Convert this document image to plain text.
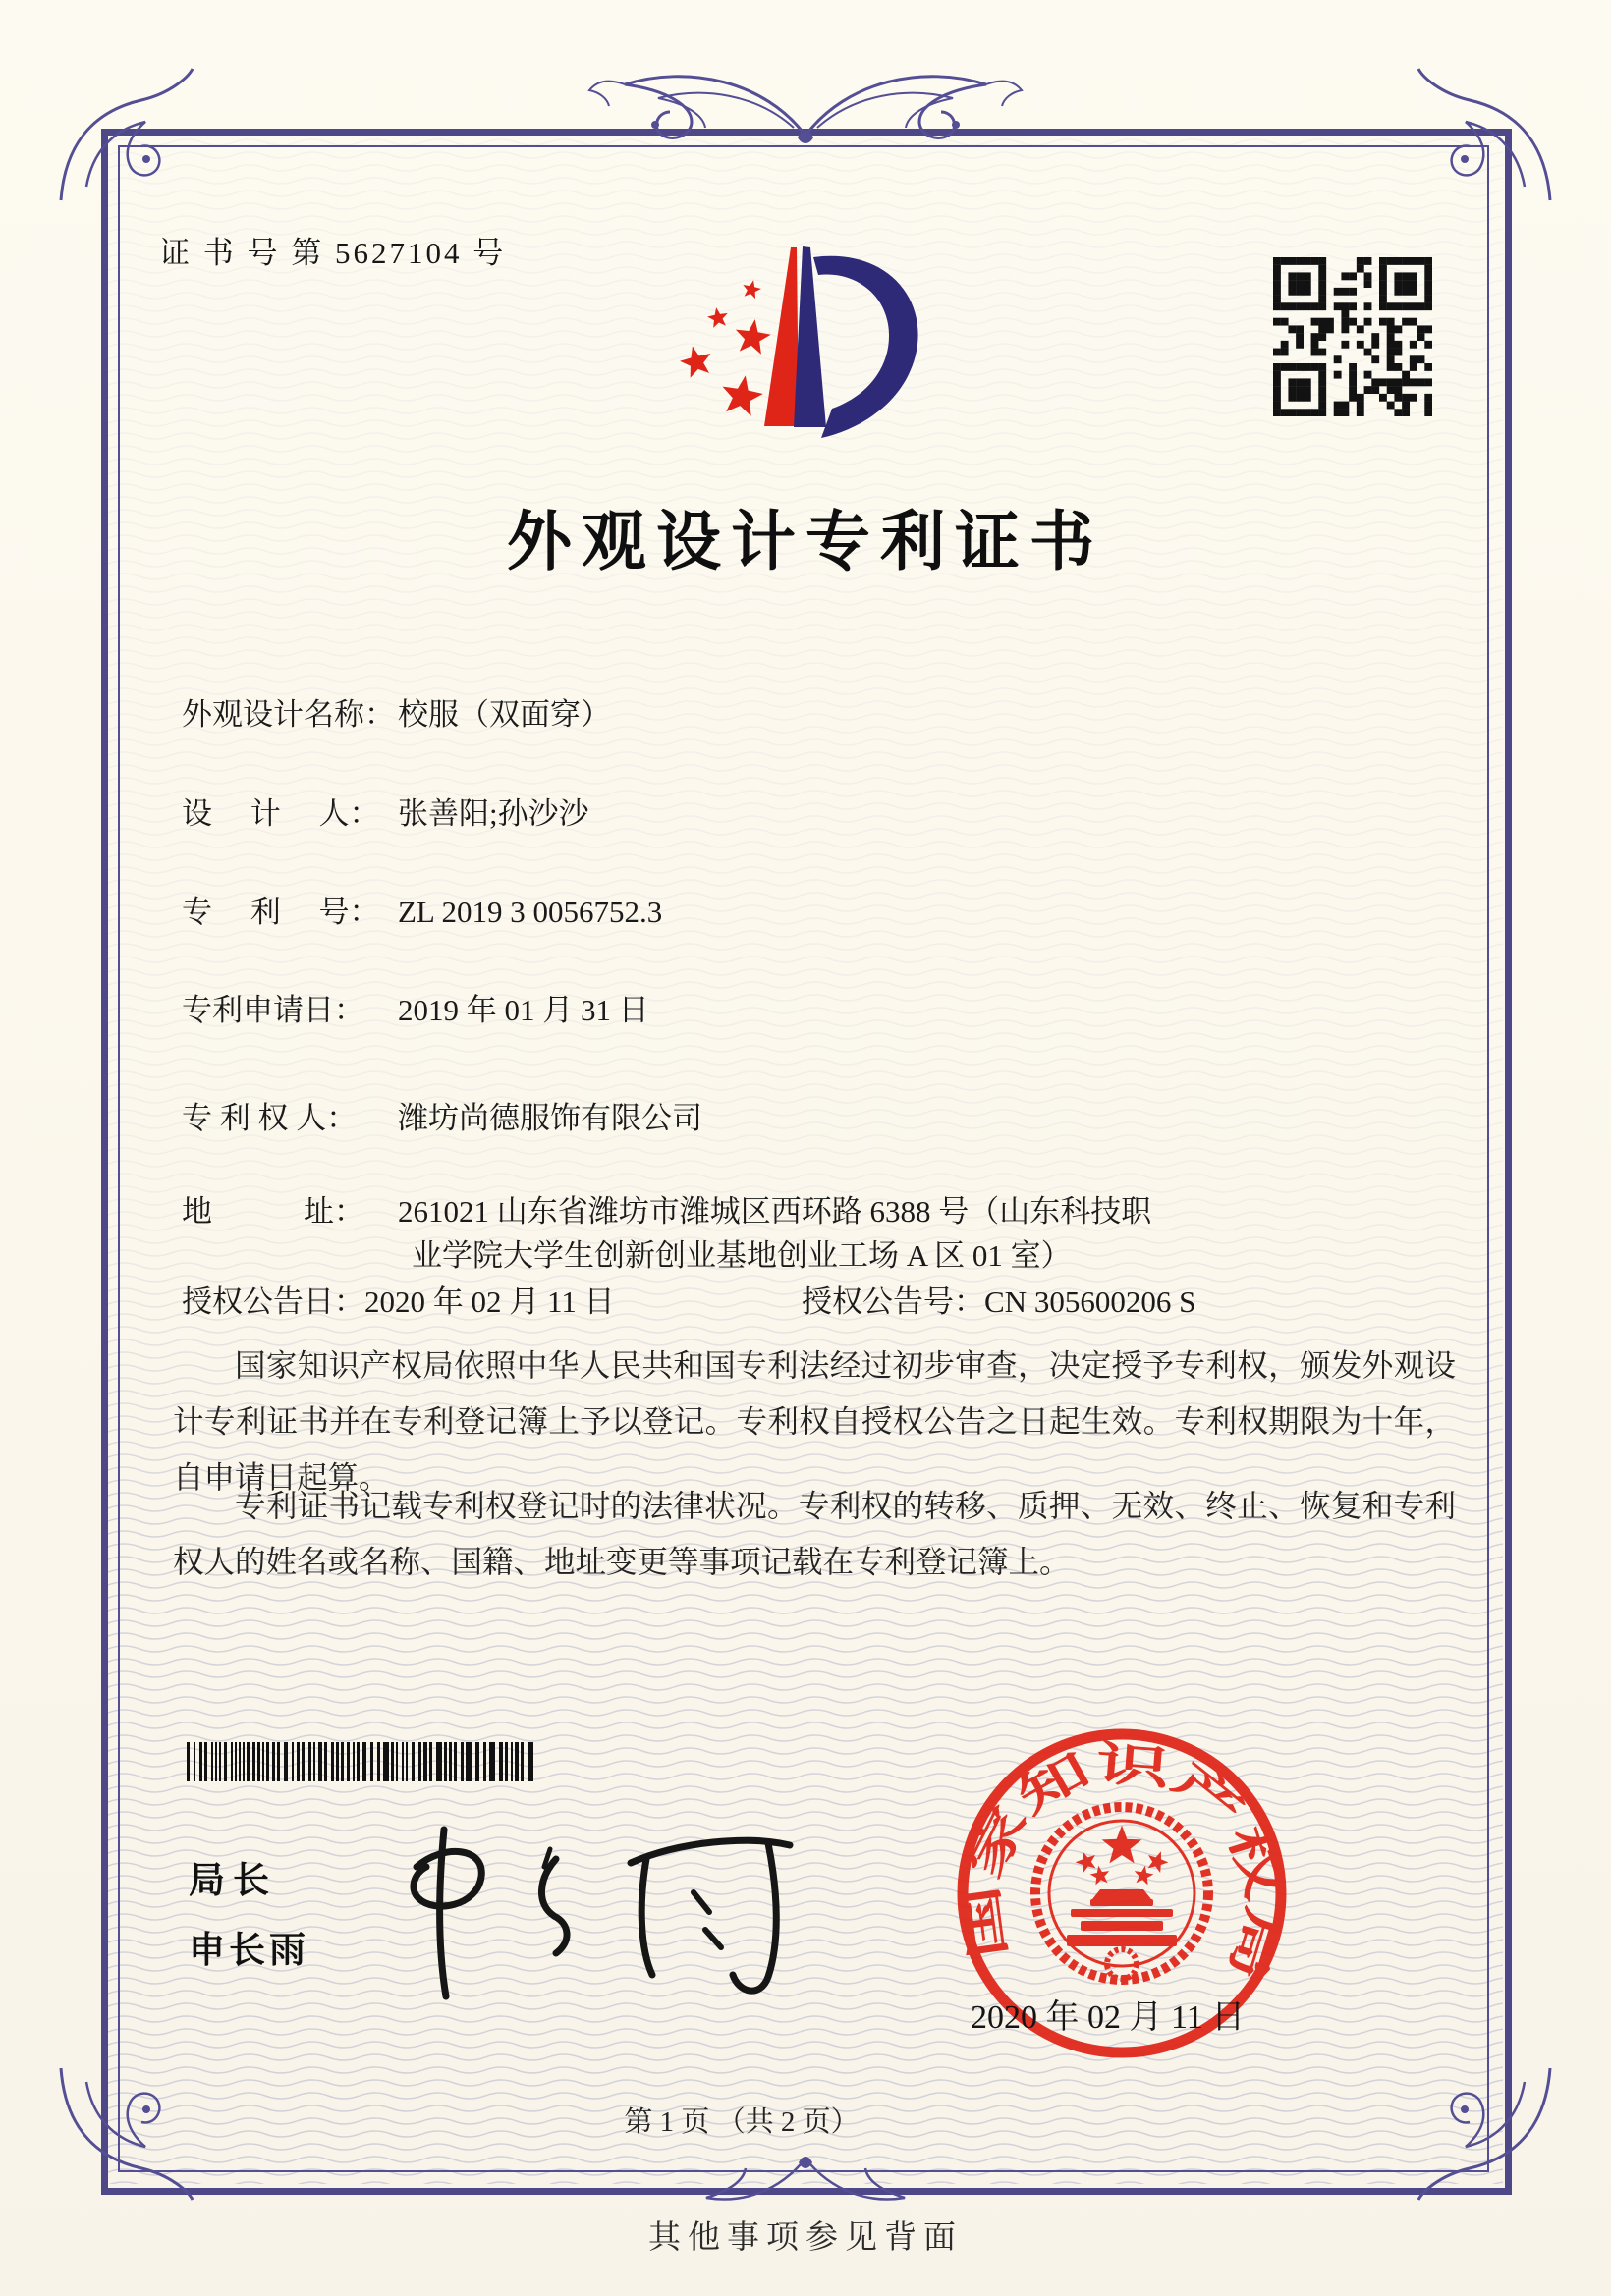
证 书 号 第 5627104 号
外观设计专利证书
外观设计名称：校服（双面穿）
设　 计　 人： 张善阳;孙沙沙
专　 利　 号： ZL 2019 3 0056752.3
专利申请日： 2019 年 01 月 31 日
专 利 权 人： 潍坊尚德服饰有限公司
地　　　址： 261021 山东省潍坊市潍城区西环路 6388 号（山东科技职
业学院大学生创新创业基地创业工场 A 区 01 室）
授权公告日：2020 年 02 月 11 日	授权公告号：CN 305600206 S
国家知识产权局依照中华人民共和国专利法经过初步审查，决定授予专利权，颁发外观设计专利证书并在专利登记簿上予以登记。专利权自授权公告之日起生效。专利权期限为十年，自申请日起算。
专利证书记载专利权登记时的法律状况。专利权的转移、质押、无效、终止、恢复和专利权人的姓名或名称、国籍、地址变更等事项记载在专利登记簿上。
局长
申长雨	国家知识产权局
2020 年 02 月 11 日
第 1 页 （共 2 页）
其他事项参见背面
